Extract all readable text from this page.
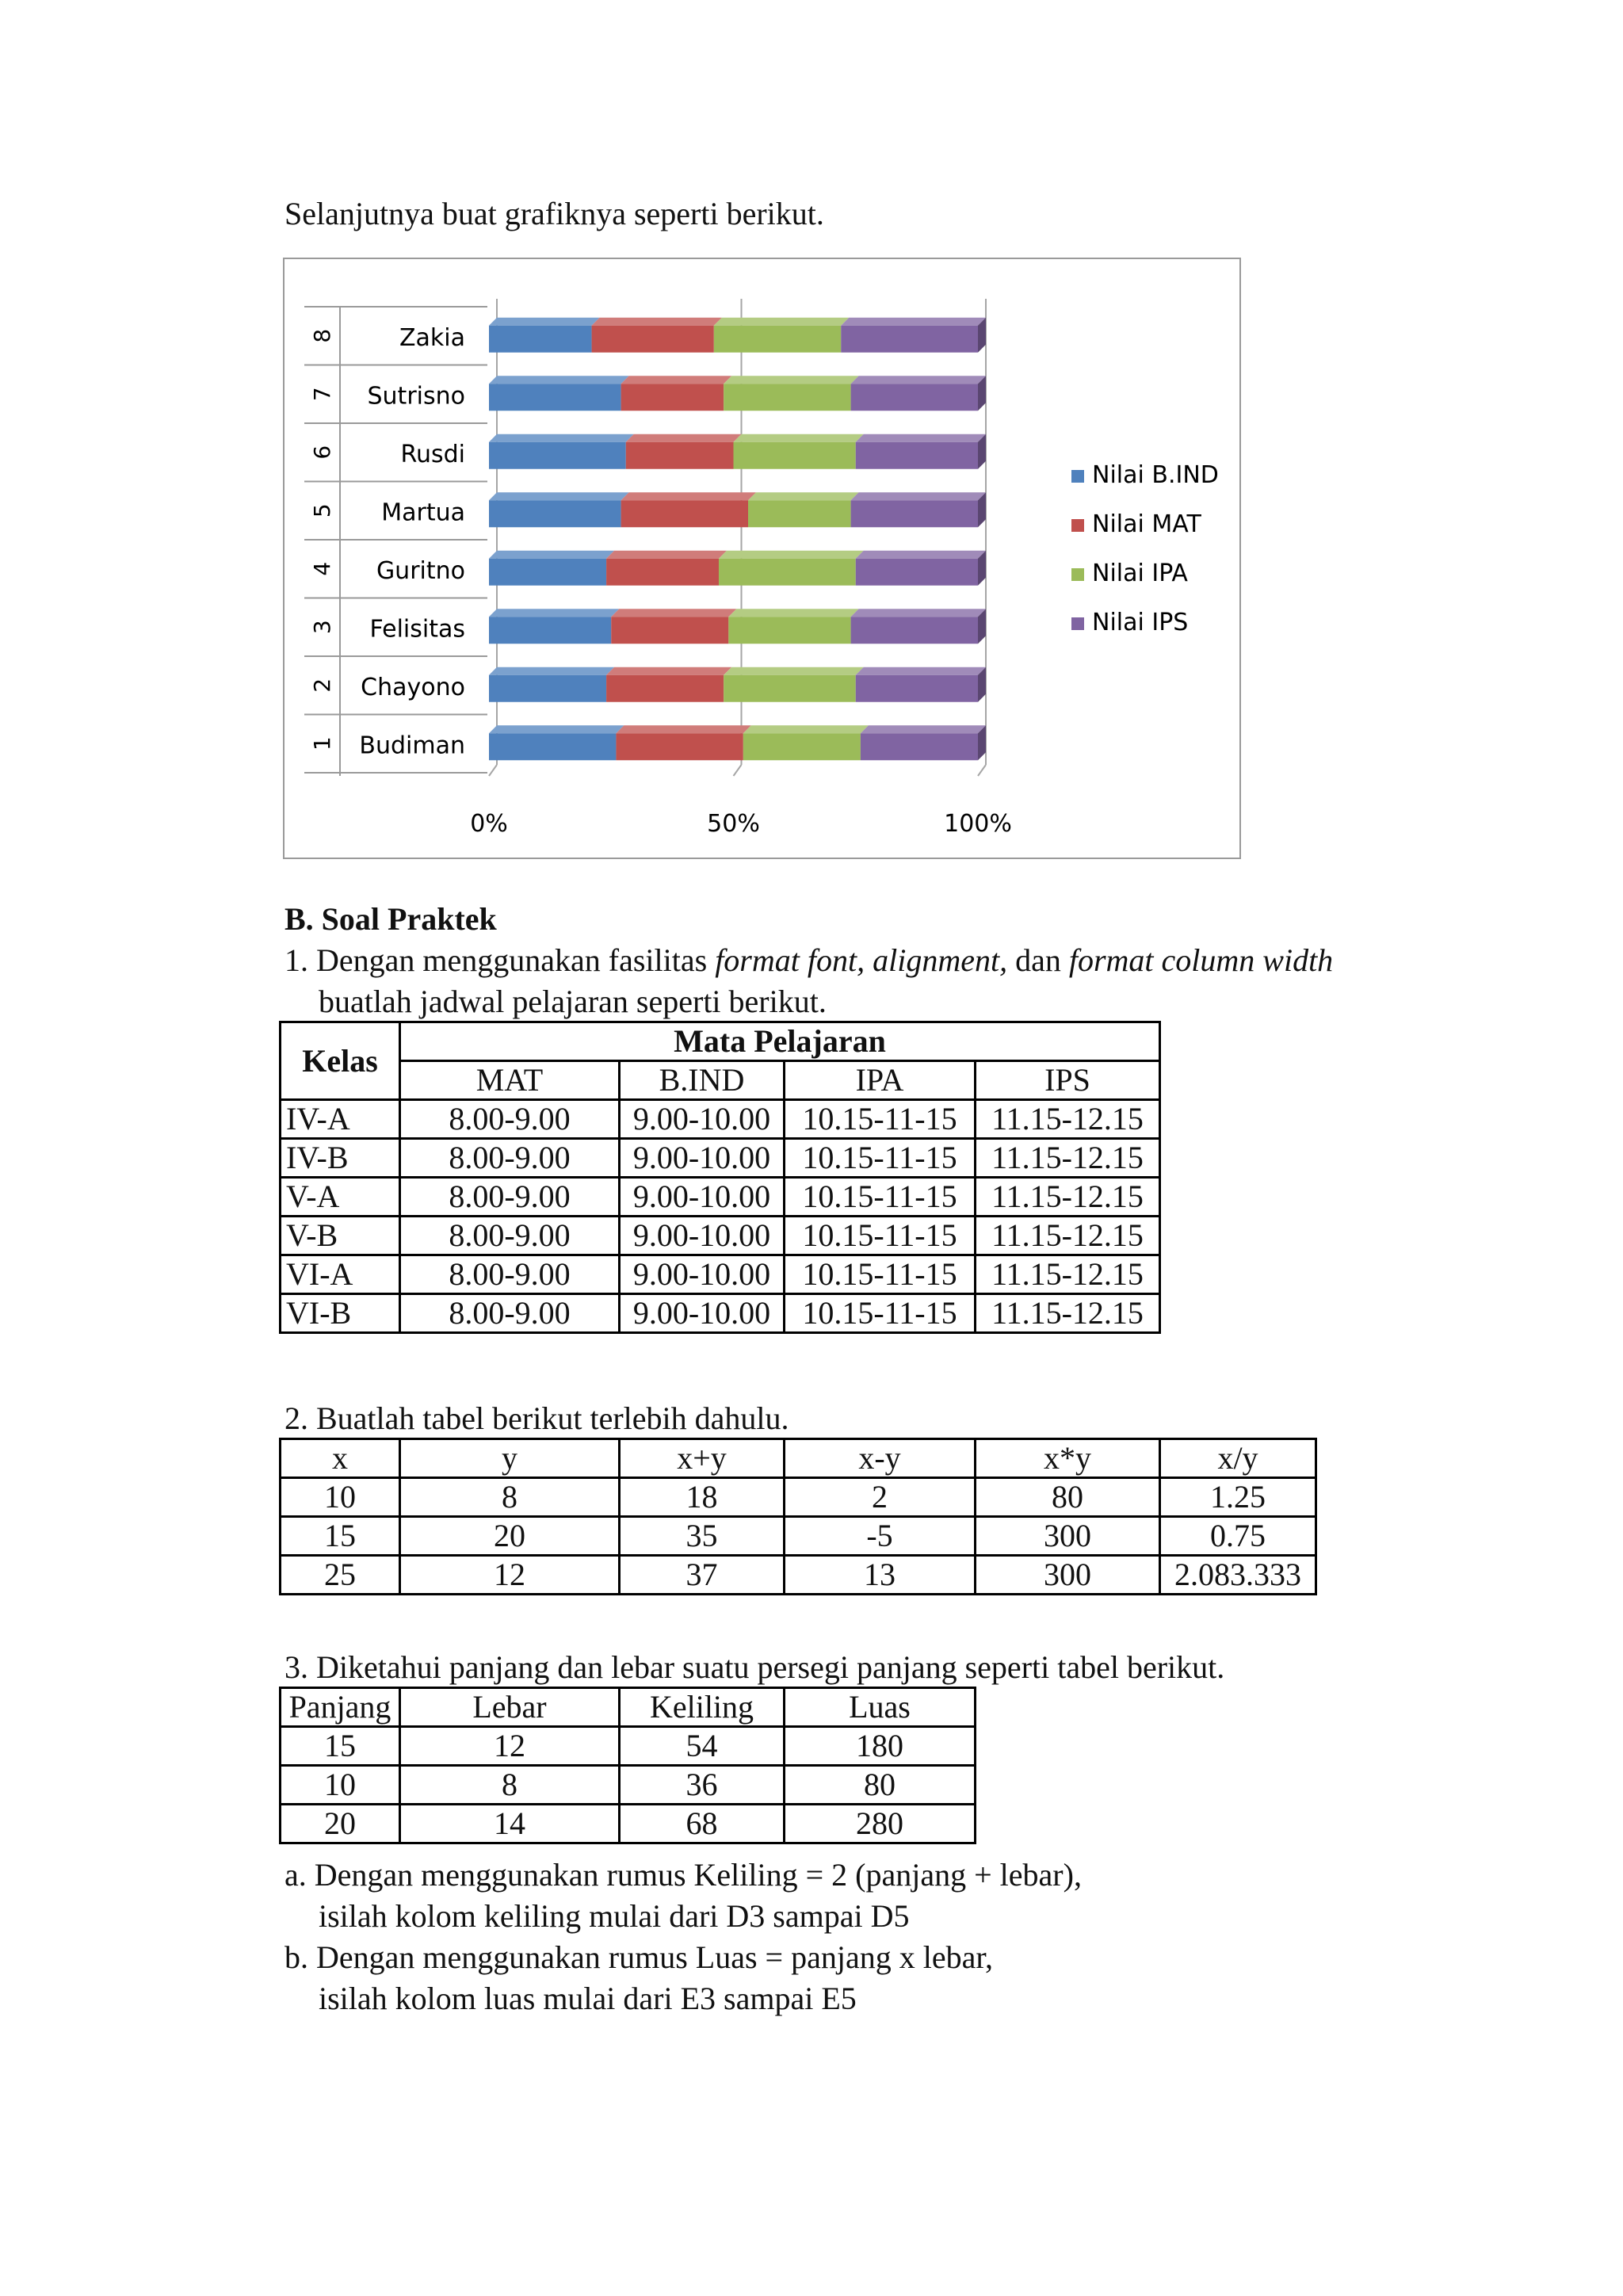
Selanjutnya buat grafiknya seperti berikut.
Zakia
8
Sutrisno
7
Rusdi
6
Martua
5
Guritno
4
Felisitas
3
Chayono
2
Budiman
1
0%	50%	100%
Nilai B.IND
Nilai MAT
Nilai IPA
Nilai IPS
B. Soal Praktek
1. Dengan menggunakan fasilitas format font, alignment, dan format column width
buatlah jadwal pelajaran seperti berikut.
Kelas	Mata Pelajaran			
	MAT	B.IND	IPA	IPS
IV-A	8.00-9.00	9.00-10.00	10.15-11-15	11.15-12.15
IV-B	8.00-9.00	9.00-10.00	10.15-11-15	11.15-12.15
V-A	8.00-9.00	9.00-10.00	10.15-11-15	11.15-12.15
V-B	8.00-9.00	9.00-10.00	10.15-11-15	11.15-12.15
VI-A	8.00-9.00	9.00-10.00	10.15-11-15	11.15-12.15
VI-B	8.00-9.00	9.00-10.00	10.15-11-15	11.15-12.15
2. Buatlah tabel berikut terlebih dahulu.
x	y	x+y	x-y	x*y	x/y
10	8	18	2	80	1.25
15	20	35	-5	300	0.75
25	12	37	13	300	2.083.333
3. Diketahui panjang dan lebar suatu persegi panjang seperti tabel berikut.
Panjang	Lebar	Keliling	Luas
15	12	54	180
10	8	36	80
20	14	68	280
a. Dengan menggunakan rumus Keliling = 2 (panjang + lebar),
isilah kolom keliling mulai dari D3 sampai D5
b. Dengan menggunakan rumus Luas = panjang x lebar,
isilah kolom luas mulai dari E3 sampai E5
